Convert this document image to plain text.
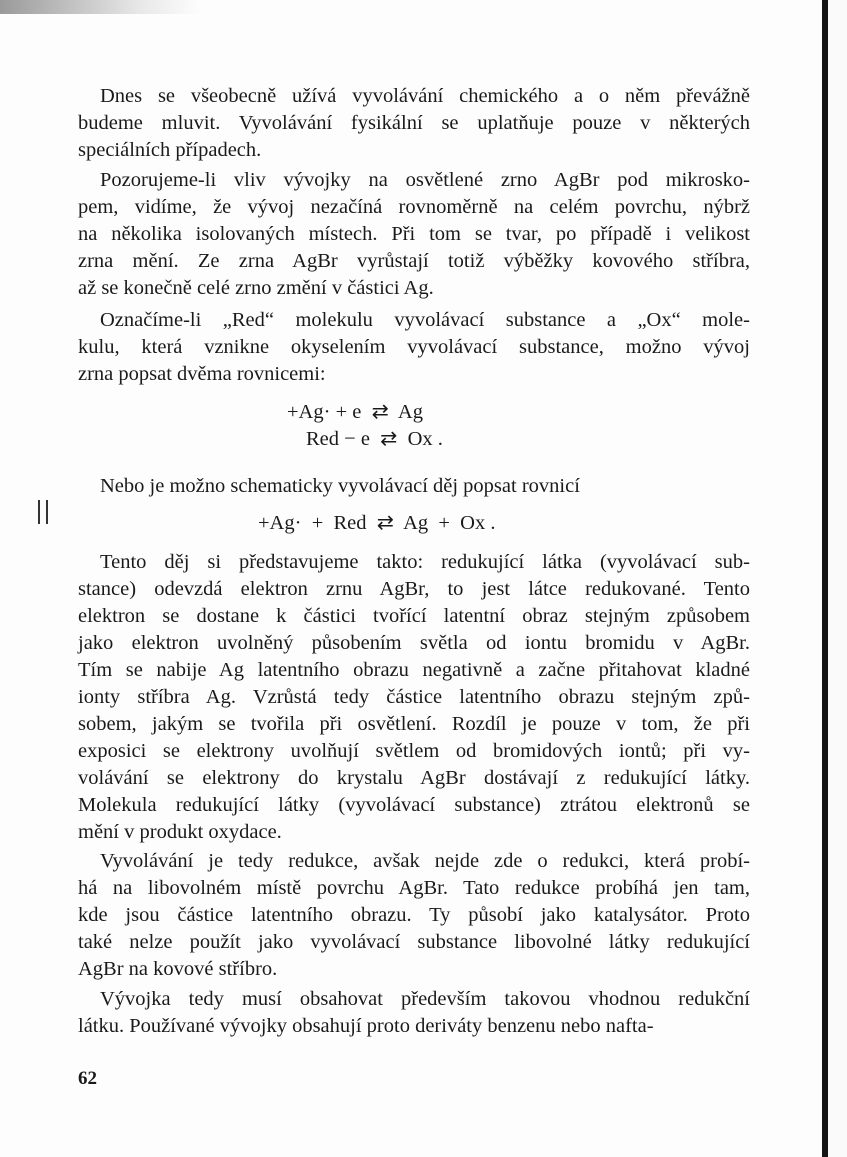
Dnes se všeobecně užívá vyvolávání chemického a o něm převážně
budeme mluvit. Vyvolávání fysikální se uplatňuje pouze v některých
speciálních případech.
Pozorujeme-li vliv vývojky na osvětlené zrno AgBr pod mikrosko-
pem, vidíme, že vývoj nezačíná rovnoměrně na celém povrchu, nýbrž
na několika isolovaných místech. Při tom se tvar, po případě i velikost
zrna mění. Ze zrna AgBr vyrůstají totiž výběžky kovového stříbra,
až se konečně celé zrno změní v částici Ag.
Označíme-li „Red“ molekulu vyvolávací substance a „Ox“ mole-
kulu, která vznikne okyselením vyvolávací substance, možno vývoj
zrna popsat dvěma rovnicemi:
Nebo je možno schematicky vyvolávací děj popsat rovnicí
Tento děj si představujeme takto: redukující látka (vyvolávací sub-
stance) odevzdá elektron zrnu AgBr, to jest látce redukované. Tento
elektron se dostane k částici tvořící latentní obraz stejným způsobem
jako elektron uvolněný působením světla od iontu bromidu v AgBr.
Tím se nabije Ag latentního obrazu negativně a začne přitahovat kladné
ionty stříbra Ag. Vzrůstá tedy částice latentního obrazu stejným způ-
sobem, jakým se tvořila při osvětlení. Rozdíl je pouze v tom, že při
exposici se elektrony uvolňují světlem od bromidových iontů; při vy-
volávání se elektrony do krystalu AgBr dostávají z redukující látky.
Molekula redukující látky (vyvolávací substance) ztrátou elektronů se
mění v produkt oxydace.
Vyvolávání je tedy redukce, avšak nejde zde o redukci, která probí-
há na libovolném místě povrchu AgBr. Tato redukce probíhá jen tam,
kde jsou částice latentního obrazu. Ty působí jako katalysátor. Proto
také nelze použít jako vyvolávací substance libovolné látky redukující
AgBr na kovové stříbro.
Vývojka tedy musí obsahovat především takovou vhodnou redukční
látku. Používané vývojky obsahují proto deriváty benzenu nebo nafta-
+Ag· + e  ⇄  Ag
Red − e  ⇄  Ox .
+Ag·  +  Red  ⇄  Ag  +  Ox .
62
